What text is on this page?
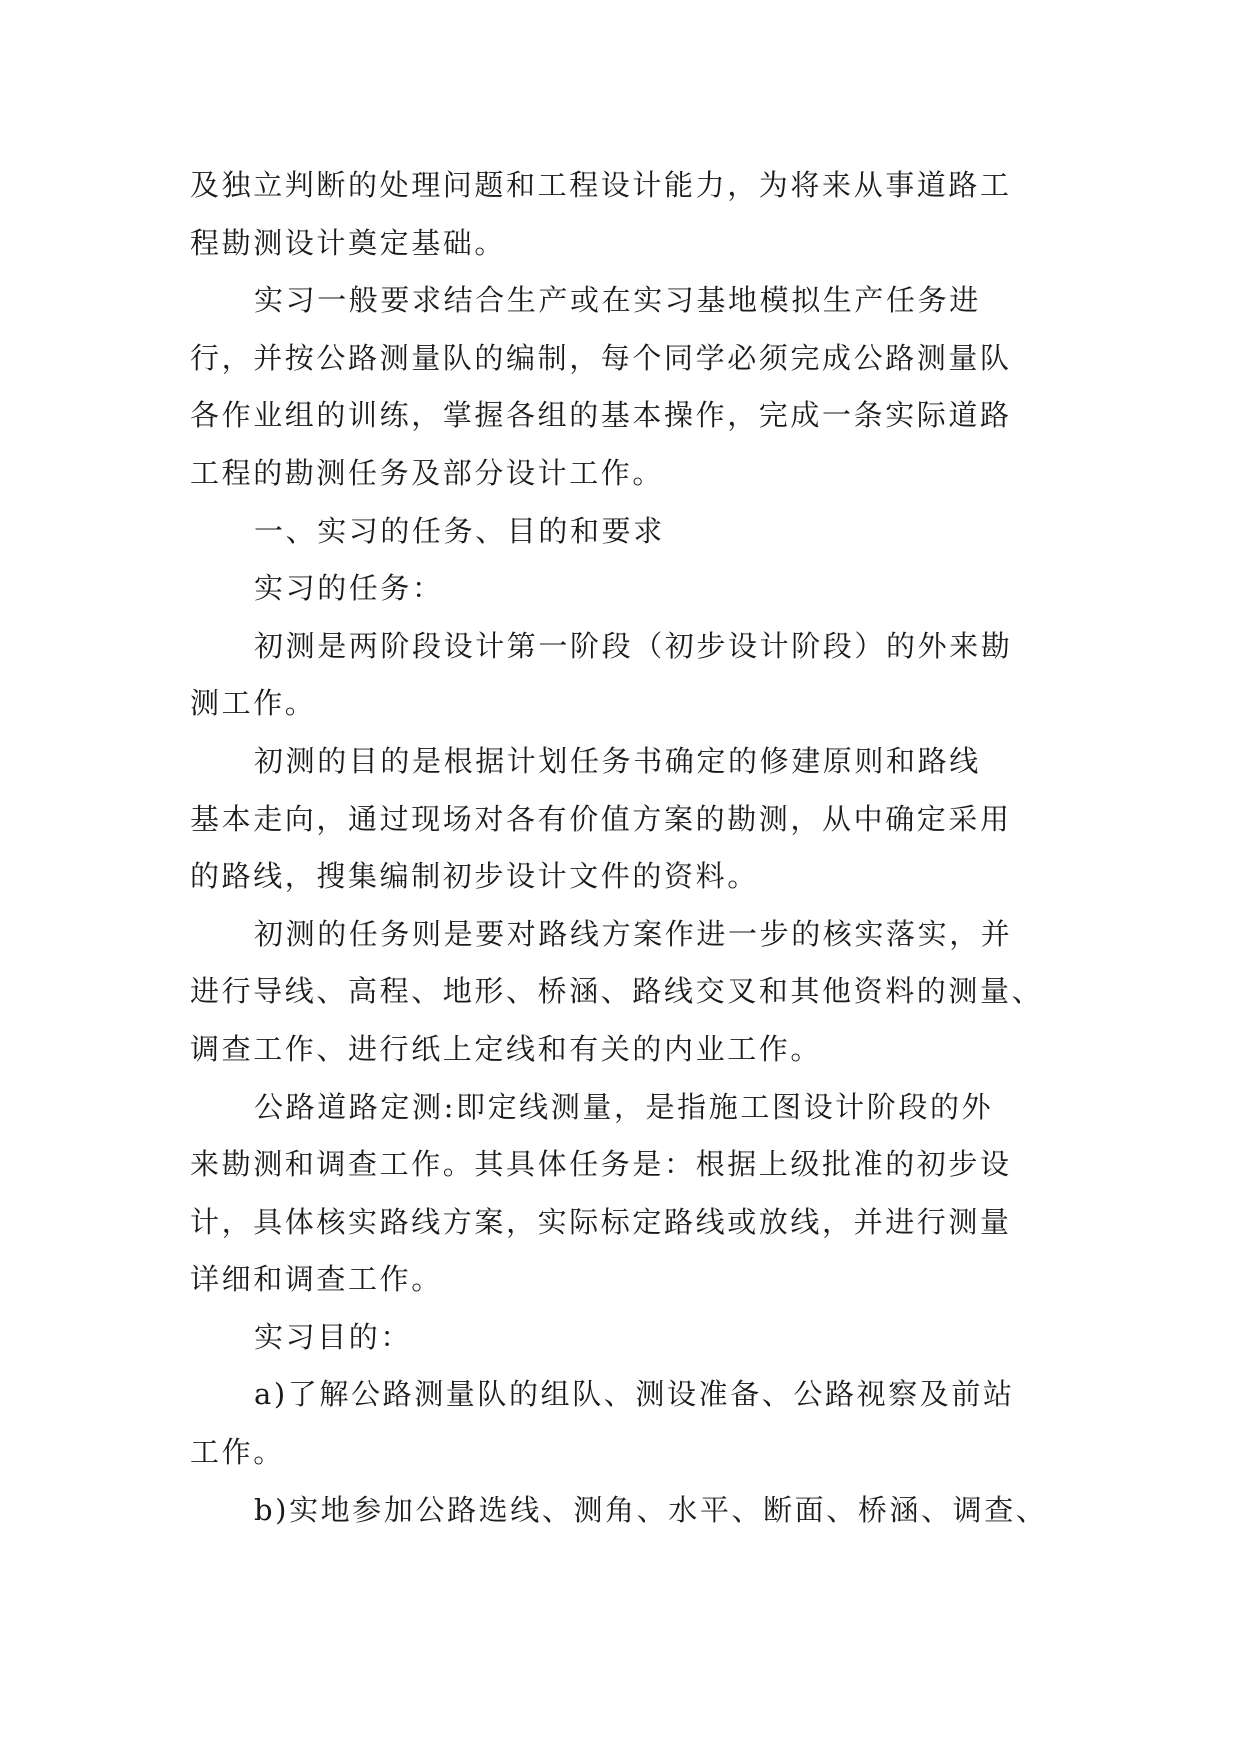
及独立判断的处理问题和工程设计能力，为将来从事道路工
程勘测设计奠定基础。
实习一般要求结合生产或在实习基地模拟生产任务进
行，并按公路测量队的编制，每个同学必须完成公路测量队
各作业组的训练，掌握各组的基本操作，完成一条实际道路
工程的勘测任务及部分设计工作。
一、实习的任务、目的和要求
实习的任务：
初测是两阶段设计第一阶段（初步设计阶段）的外来勘
测工作。
初测的目的是根据计划任务书确定的修建原则和路线
基本走向，通过现场对各有价值方案的勘测，从中确定采用
的路线，搜集编制初步设计文件的资料。
初测的任务则是要对路线方案作进一步的核实落实，并
进行导线、高程、地形、桥涵、路线交叉和其他资料的测量、
调查工作、进行纸上定线和有关的内业工作。
公路道路定测:即定线测量，是指施工图设计阶段的外
来勘测和调查工作。其具体任务是：根据上级批准的初步设
计，具体核实路线方案，实际标定路线或放线，并进行测量
详细和调查工作。
实习目的：
a)了解公路测量队的组队、测设准备、公路视察及前站
工作。
b)实地参加公路选线、测角、水平、断面、桥涵、调查、
